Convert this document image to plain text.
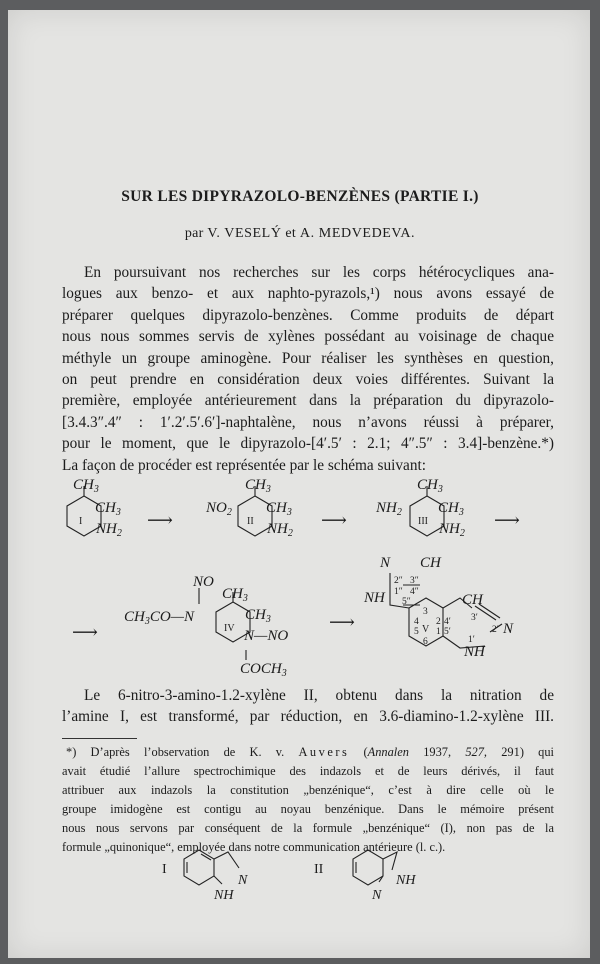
SUR LES DIPYRAZOLO-BENZÈNES (PARTIE I.)
par V. VESELÝ et A. MEDVEDEVA.
En poursuivant nos recherches sur les corps hétérocycliques ana-
logues aux benzo- et aux naphto-pyrazols,¹) nous avons essayé de
préparer quelques dipyrazolo-benzènes. Comme produits de départ
nous nous sommes servis de xylènes possédant au voisinage de chaque
méthyle un groupe aminogène. Pour réaliser les synthèses en question,
on peut prendre en considération deux voies différentes. Suivant la
première, employée antérieurement dans la préparation du dipyrazolo-
[3.4.3″.4″ : 1′.2′.5′.6′]-naphtalène, nous n’avons réussi à préparer,
pour le moment, que le dipyrazolo-[4′.5′ : 2.1; 4″.5″ : 3.4]-benzène.*)
La façon de procéder est représentée par le schéma suivant:
$CH_3$
I
$CH_3$
$NH_2$
⟶
$CH_3$
$NO_2$
II
$CH_3$
$NH_2$
⟶
$CH_3$
$NH_2$
III
$CH_3$
$NH_2$
⟶
⟶
NO
$CH_3$
$CH_3CO—N$
IV
$CH_3$
N—NO
$COCH_3$
⟶
N CH
NH
2″ 3″
1″ 4″
5″
3
4 2 4′
V
5 1 5′
6
CH
3′
2′ N
1′
NH
I
N
NH
II
NH
N
Le 6-nitro-3-amino-1.2-xylène II, obtenu dans la nitration de
l’amine I, est transformé, par réduction, en 3.6-diamino-1.2-xylène III.
*) D’après l’observation de K. v. Auvers (Annalen 1937, 527, 291) qui
avait étudié l’allure spectrochimique des indazols et de leurs dérivés, il faut
attribuer aux indazols la constitution „benzénique“, c’est à dire celle où le
groupe imidogène est contigu au noyau benzénique. Dans le mémoire présent
nous nous servons par conséquent de la formule „benzénique“ (I), non pas de la
formule „quinonique“, employée dans notre communication antérieure (l. c.).
